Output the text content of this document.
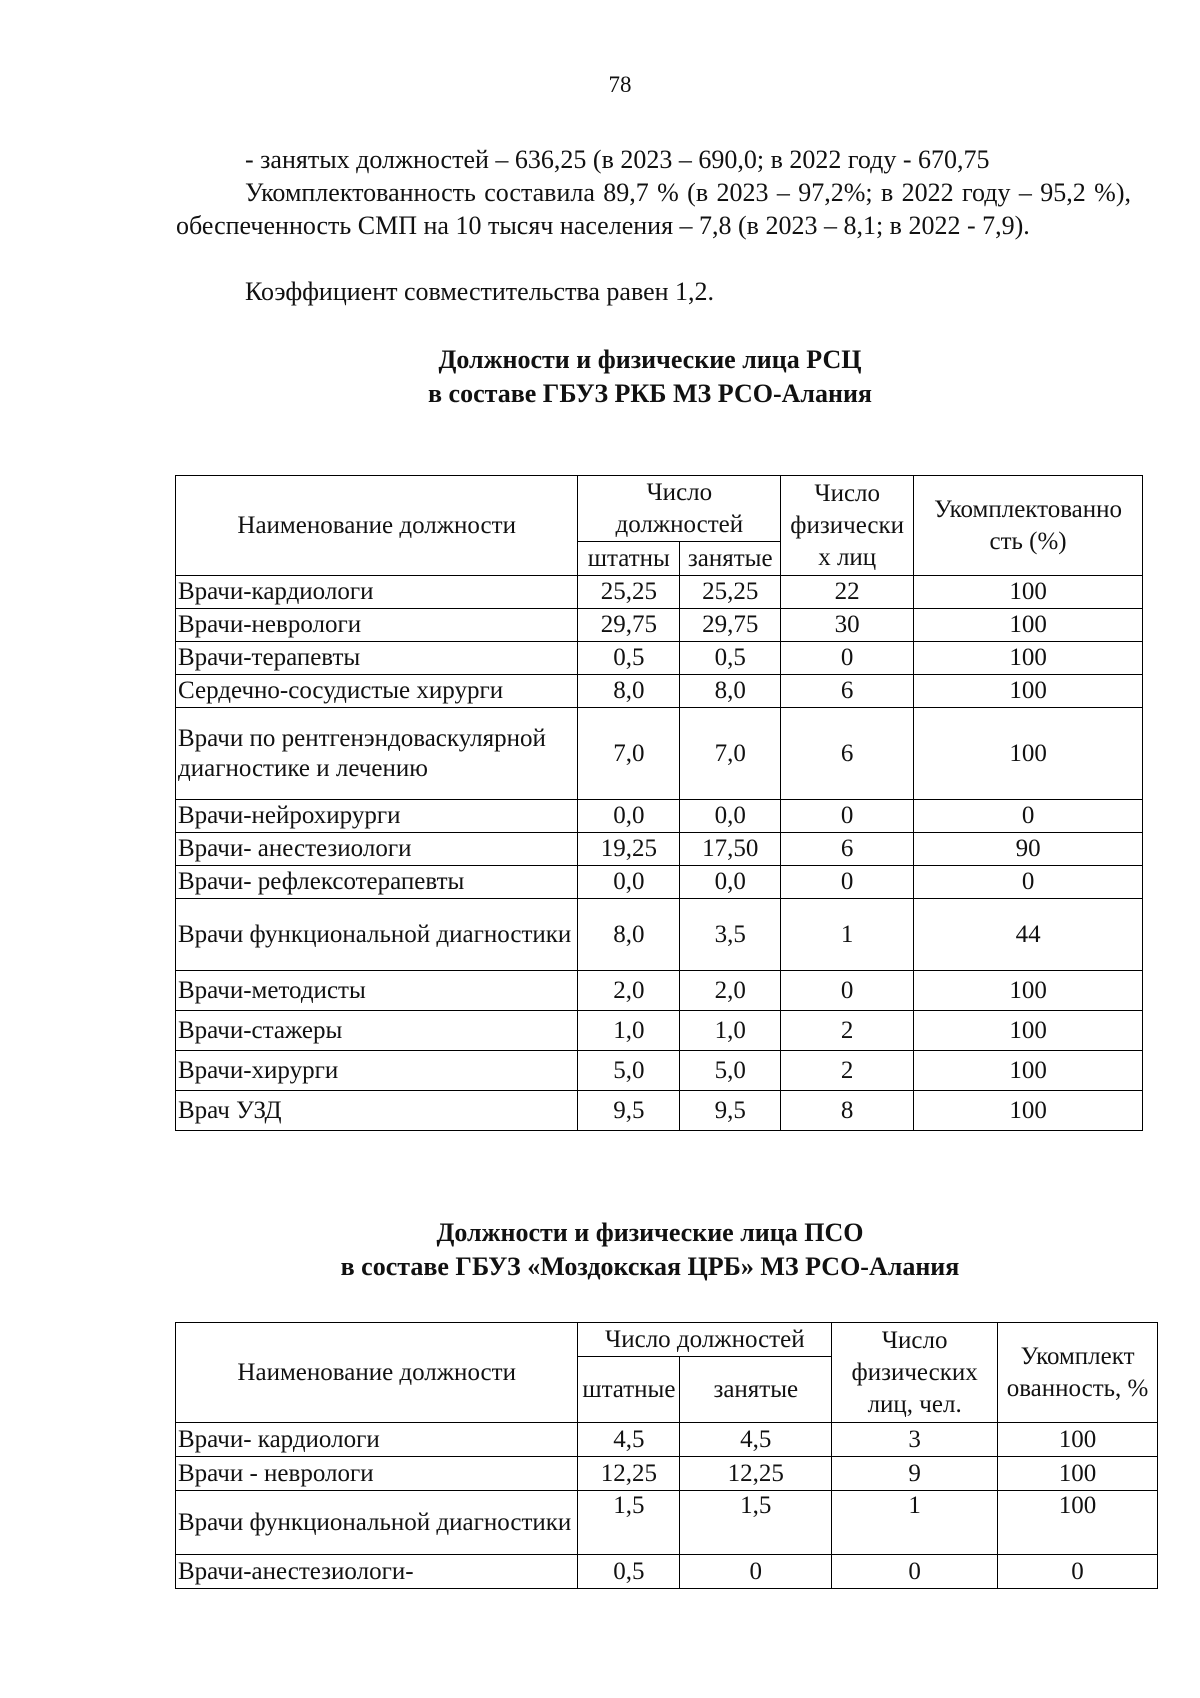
78
- занятых должностей – 636,25 (в 2023 – 690,0; в 2022 году - 670,75
Укомплектованность составила 89,7 % (в 2023 – 97,2%; в 2022 году – 95,2 %), обеспеченность СМП на 10 тысяч населения – 7,8 (в 2023 – 8,1; в 2022 - 7,9).
Коэффициент совместительства равен 1,2.
Должности и физические лица РСЦ
в составе ГБУЗ РКБ МЗ РСО-Алания
Наименование должности	Число должностей		Число физически х лиц	Укомплектованно сть (%)
	штатны	занятые		
Врачи-кардиологи	25,25	25,25	22	100
Врачи-неврологи	29,75	29,75	30	100
Врачи-терапевты	0,5	0,5	0	100
Сердечно-сосудистые хирурги	8,0	8,0	6	100
Врачи по рентгенэндоваскулярной диагностике и лечению	7,0	7,0	6	100
Врачи-нейрохирурги	0,0	0,0	0	0
Врачи- анестезиологи	19,25	17,50	6	90
Врачи- рефлексотерапевты	0,0	0,0	0	0
Врачи функциональной диагностики	8,0	3,5	1	44
Врачи-методисты	2,0	2,0	0	100
Врачи-стажеры	1,0	1,0	2	100
Врачи-хирурги	5,0	5,0	2	100
Врач УЗД	9,5	9,5	8	100
Должности и физические лица ПСО
в составе ГБУЗ «Моздокская ЦРБ» МЗ РСО-Алания
Наименование должности	Число должностей		Число физических лиц, чел.	Укомплект ованность, %
	штатные	занятые		
Врачи- кардиологи	4,5	4,5	3	100
Врачи - неврологи	12,25	12,25	9	100
Врачи функциональной диагностики	1,5	1,5	1	100
Врачи-анестезиологи-	0,5	0	0	0
